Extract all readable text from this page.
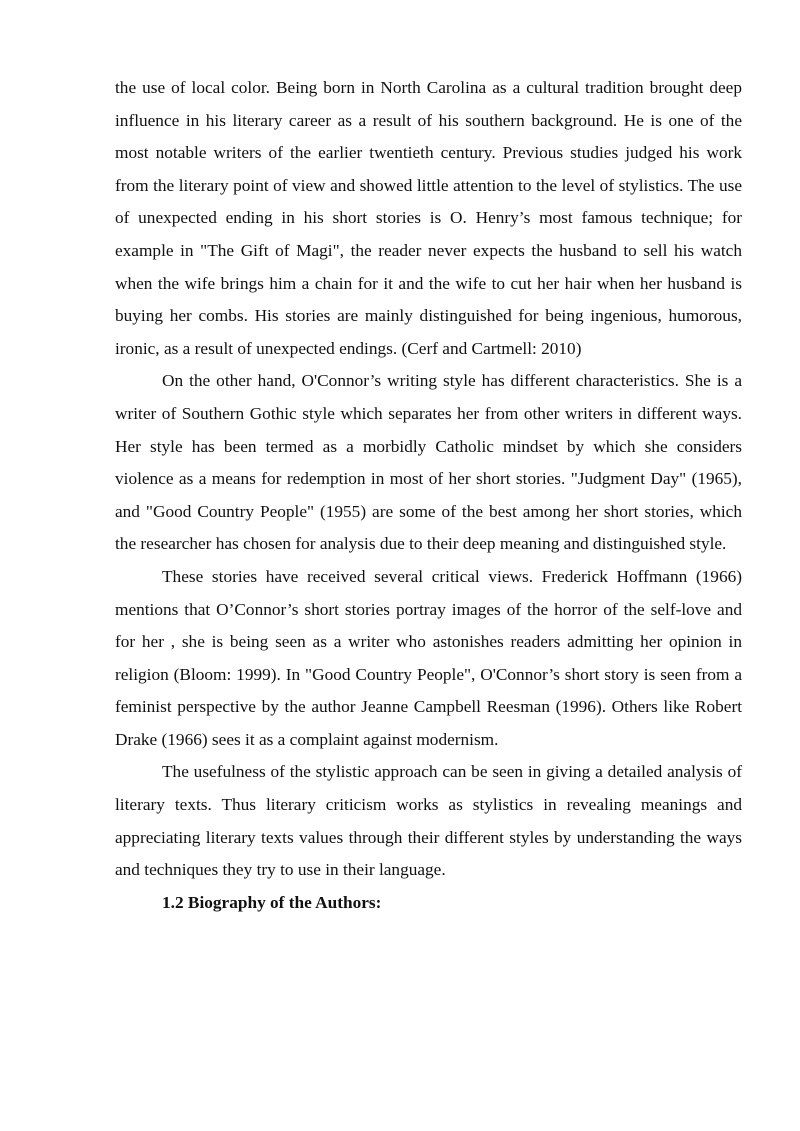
the use of local color. Being born in North Carolina as a cultural tradition brought deep influence in his literary career as a result of his southern background. He is one of the most notable writers of the earlier twentieth century. Previous studies judged his work from the literary point of view and showed little attention to the level of stylistics. The use of unexpected ending in his short stories is O. Henry’s most famous technique; for example in "The Gift of Magi", the reader never expects the husband to sell his watch when the wife brings him a chain for it and the wife to cut her hair when her husband is buying her combs. His stories are mainly distinguished for being ingenious, humorous, ironic, as a result of unexpected endings. (Cerf and Cartmell: 2010)

On the other hand, O'Connor’s writing style has different characteristics. She is a writer of Southern Gothic style which separates her from other writers in different ways. Her style has been termed as a morbidly Catholic mindset by which she considers violence as a means for redemption in most of her short stories. "Judgment Day" (1965), and "Good Country People" (1955) are some of the best among her short stories, which the researcher has chosen for analysis due to their deep meaning and distinguished style.

These stories have received several critical views. Frederick Hoffmann (1966) mentions that O’Connor’s short stories portray images of the horror of the self-love and for her , she is being seen as a writer who astonishes readers admitting her opinion in religion (Bloom: 1999). In "Good Country People", O'Connor’s short story is seen from a feminist perspective by the author Jeanne Campbell Reesman (1996). Others like Robert Drake (1966) sees it as a complaint against modernism.

The usefulness of the stylistic approach can be seen in giving a detailed analysis of literary texts. Thus literary criticism works as stylistics in revealing meanings and appreciating literary texts values through their different styles by understanding the ways and techniques they try to use in their language.

1.2 Biography of the Authors:
